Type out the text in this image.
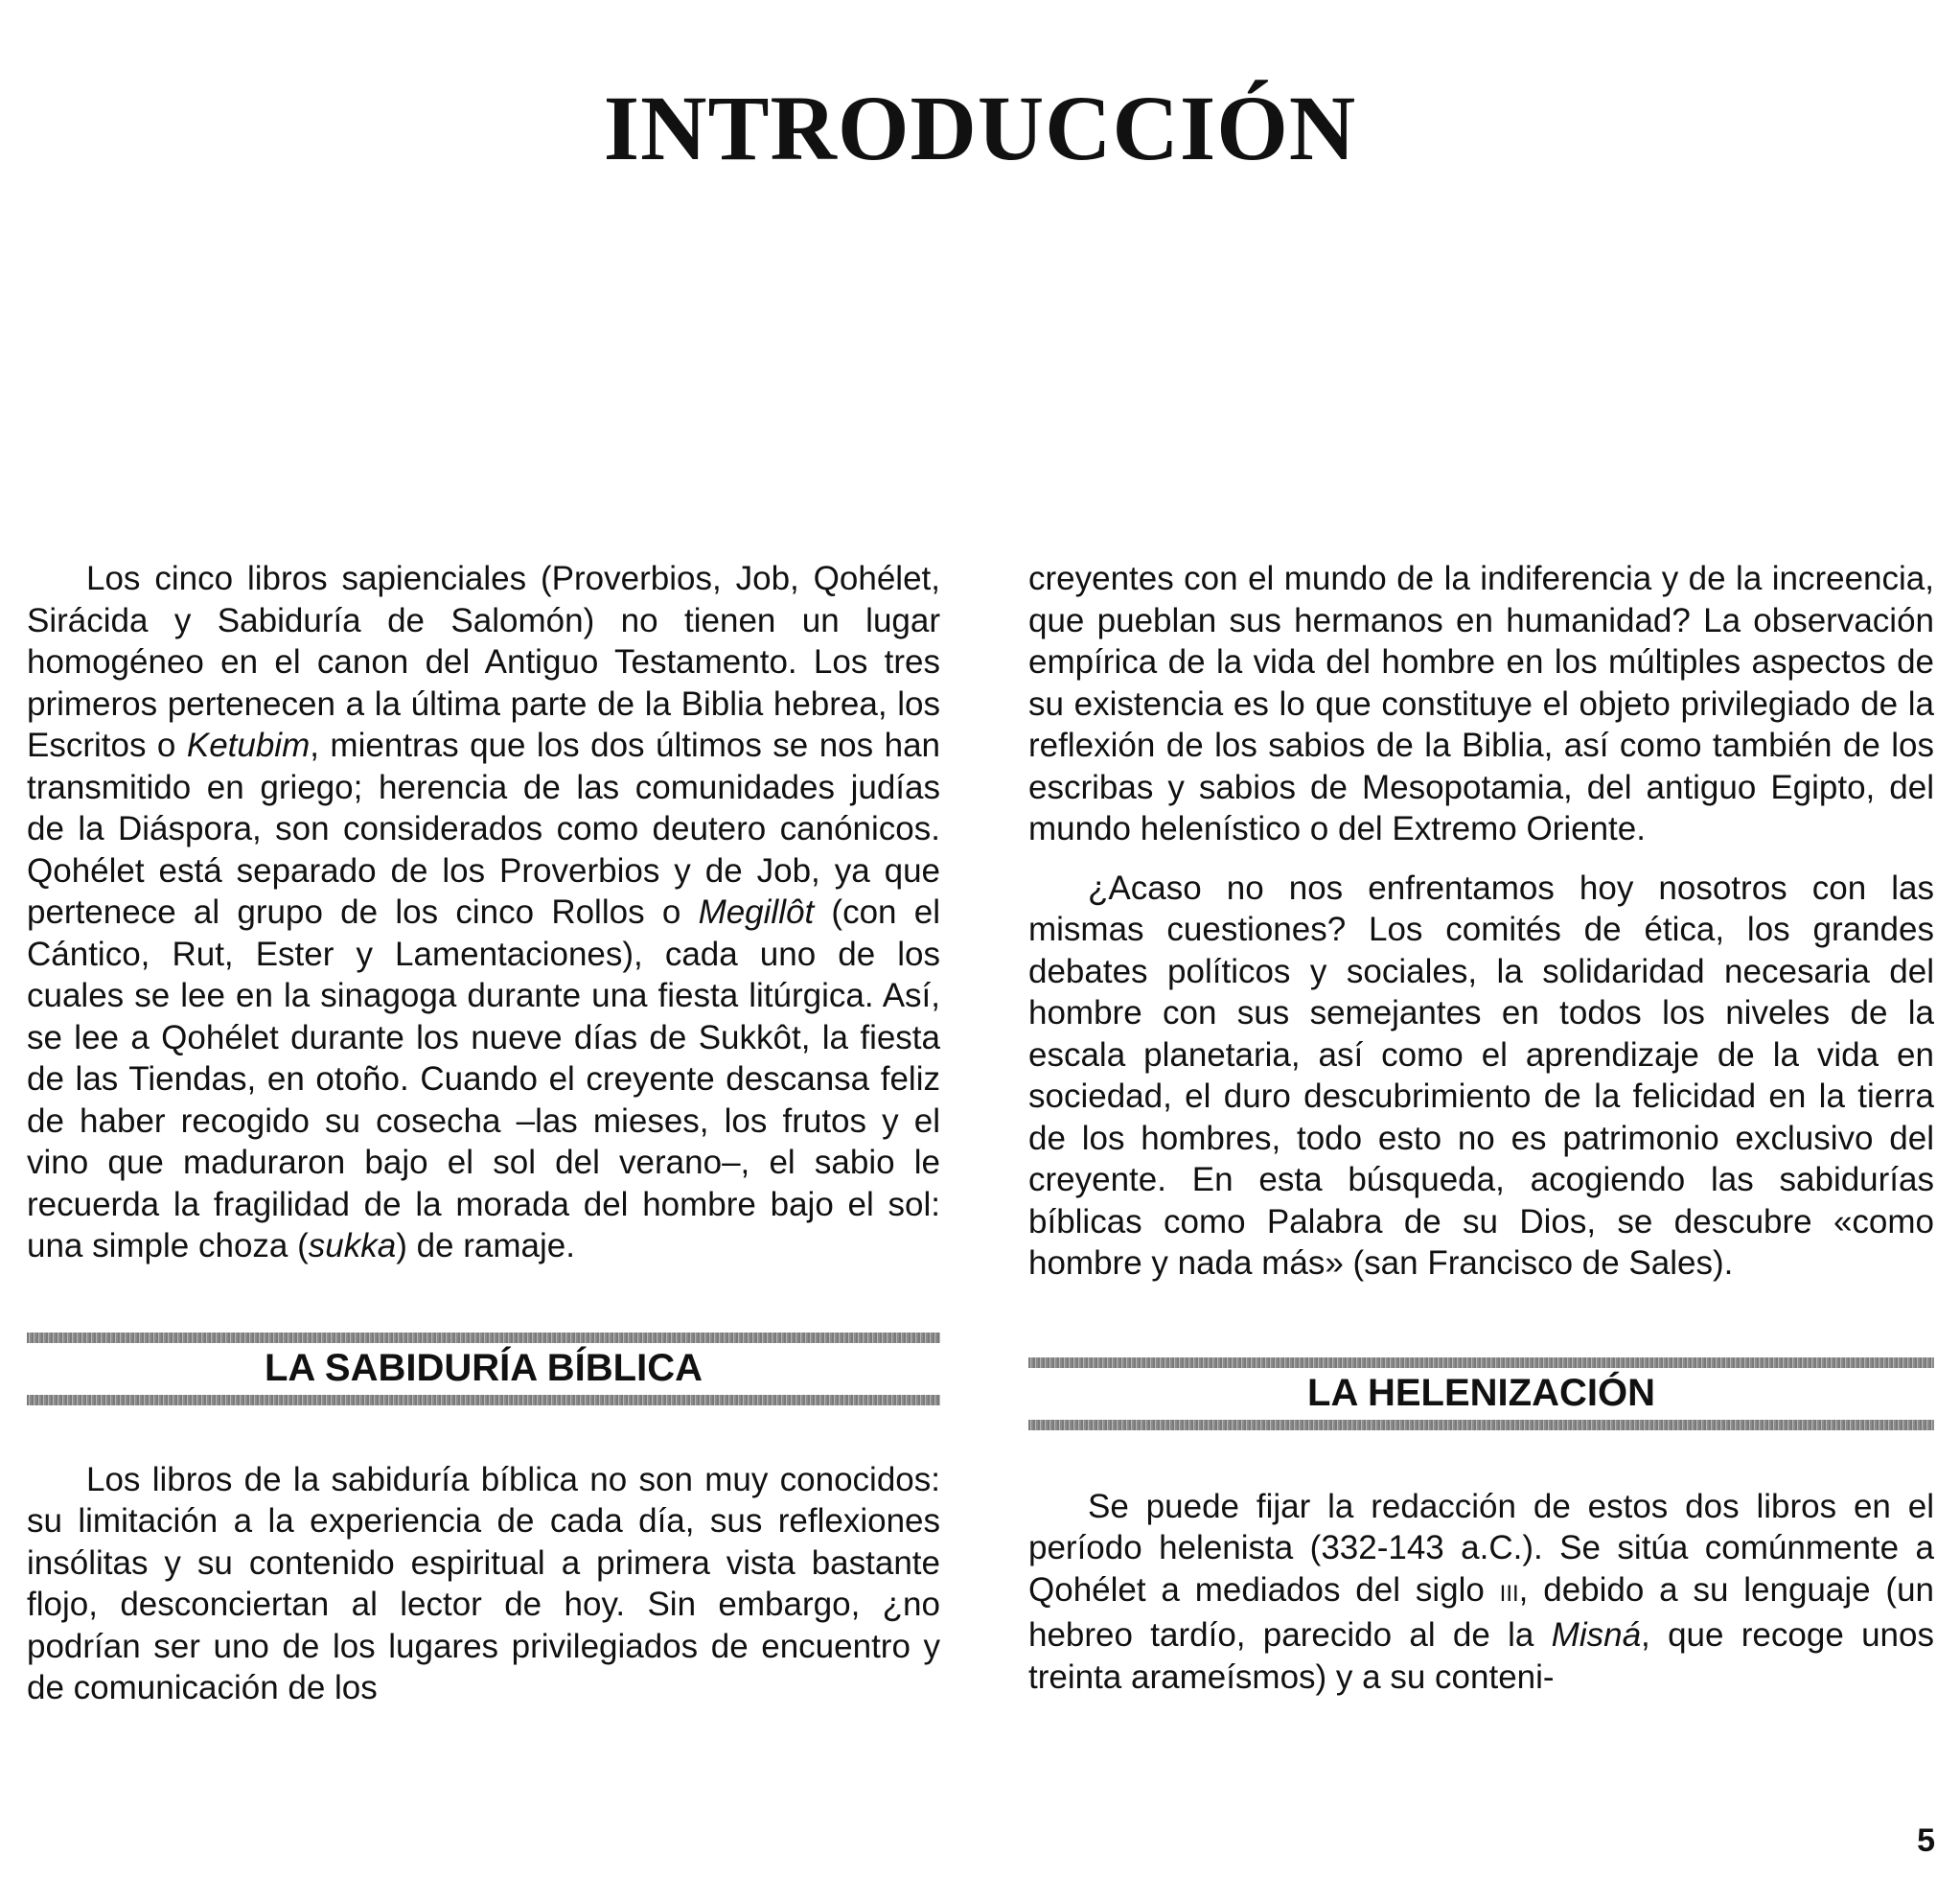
INTRODUCCIÓN

Los cinco libros sapienciales (Proverbios, Job, Qohélet, Sirácida y Sabiduría de Salomón) no tienen un lugar homogéneo en el canon del Antiguo Testamento. Los tres primeros pertenecen a la última parte de la Biblia hebrea, los Escritos o Ketubim, mientras que los dos últimos se nos han transmitido en griego; herencia de las comunidades judías de la Diáspora, son considerados como deutero canónicos. Qohélet está separado de los Proverbios y de Job, ya que pertenece al grupo de los cinco Rollos o Megillôt (con el Cántico, Rut, Ester y Lamentaciones), cada uno de los cuales se lee en la sinagoga durante una fiesta litúrgica. Así, se lee a Qohélet durante los nueve días de Sukkôt, la fiesta de las Tiendas, en otoño. Cuando el creyente descansa feliz de haber recogido su cosecha –las mieses, los frutos y el vino que maduraron bajo el sol del verano–, el sabio le recuerda la fragilidad de la morada del hombre bajo el sol: una simple choza (sukka) de ramaje.

LA SABIDURÍA BÍBLICA

Los libros de la sabiduría bíblica no son muy conocidos: su limitación a la experiencia de cada día, sus reflexiones insólitas y su contenido espiritual a primera vista bastante flojo, desconciertan al lector de hoy. Sin embargo, ¿no podrían ser uno de los lugares privilegiados de encuentro y de comunicación de los

creyentes con el mundo de la indiferencia y de la increencia, que pueblan sus hermanos en humanidad? La observación empírica de la vida del hombre en los múltiples aspectos de su existencia es lo que constituye el objeto privilegiado de la reflexión de los sabios de la Biblia, así como también de los escribas y sabios de Mesopotamia, del antiguo Egipto, del mundo helenístico o del Extremo Oriente.

¿Acaso no nos enfrentamos hoy nosotros con las mismas cuestiones? Los comités de ética, los grandes debates políticos y sociales, la solidaridad necesaria del hombre con sus semejantes en todos los niveles de la escala planetaria, así como el aprendizaje de la vida en sociedad, el duro descubrimiento de la felicidad en la tierra de los hombres, todo esto no es patrimonio exclusivo del creyente. En esta búsqueda, acogiendo las sabidurías bíblicas como Palabra de su Dios, se descubre «como hombre y nada más» (san Francisco de Sales).

LA HELENIZACIÓN

Se puede fijar la redacción de estos dos libros en el período helenista (332-143 a.C.). Se sitúa comúnmente a Qohélet a mediados del siglo III, debido a su lenguaje (un hebreo tardío, parecido al de la Misná, que recoge unos treinta arameísmos) y a su conteni-

5
